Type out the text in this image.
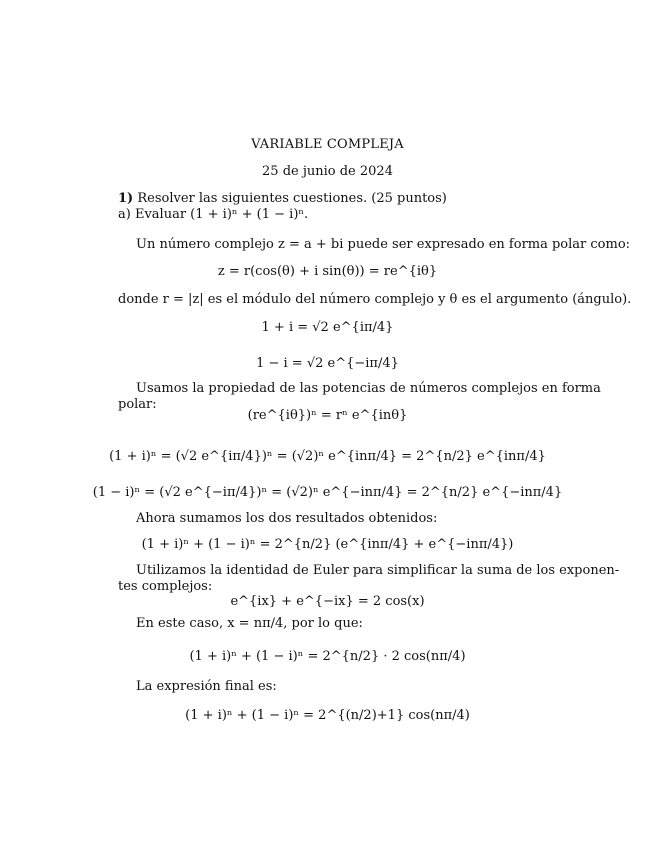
VARIABLE COMPLEJA
25 de junio de 2024
1) Resolver las siguientes cuestiones. (25 puntos)
a) Evaluar (1 + i)ⁿ + (1 − i)ⁿ.
Un número complejo z = a + bi puede ser expresado en forma polar como:
z = r(cos(θ) + i sin(θ)) = re^{iθ}
donde r = |z| es el módulo del número complejo y θ es el argumento (ángulo).
1 + i = √2 e^{iπ/4}
1 − i = √2 e^{−iπ/4}
Usamos la propiedad de las potencias de números complejos en forma
polar:
(re^{iθ})ⁿ = rⁿ e^{inθ}
(1 + i)ⁿ = (√2 e^{iπ/4})ⁿ = (√2)ⁿ e^{inπ/4} = 2^{n/2} e^{inπ/4}
(1 − i)ⁿ = (√2 e^{−iπ/4})ⁿ = (√2)ⁿ e^{−inπ/4} = 2^{n/2} e^{−inπ/4}
Ahora sumamos los dos resultados obtenidos:
(1 + i)ⁿ + (1 − i)ⁿ = 2^{n/2} (e^{inπ/4} + e^{−inπ/4})
Utilizamos la identidad de Euler para simplificar la suma de los exponen-
tes complejos:
e^{ix} + e^{−ix} = 2 cos(x)
En este caso, x = nπ/4, por lo que:
(1 + i)ⁿ + (1 − i)ⁿ = 2^{n/2} · 2 cos(nπ/4)
La expresión final es:
(1 + i)ⁿ + (1 − i)ⁿ = 2^{(n/2)+1} cos(nπ/4)
